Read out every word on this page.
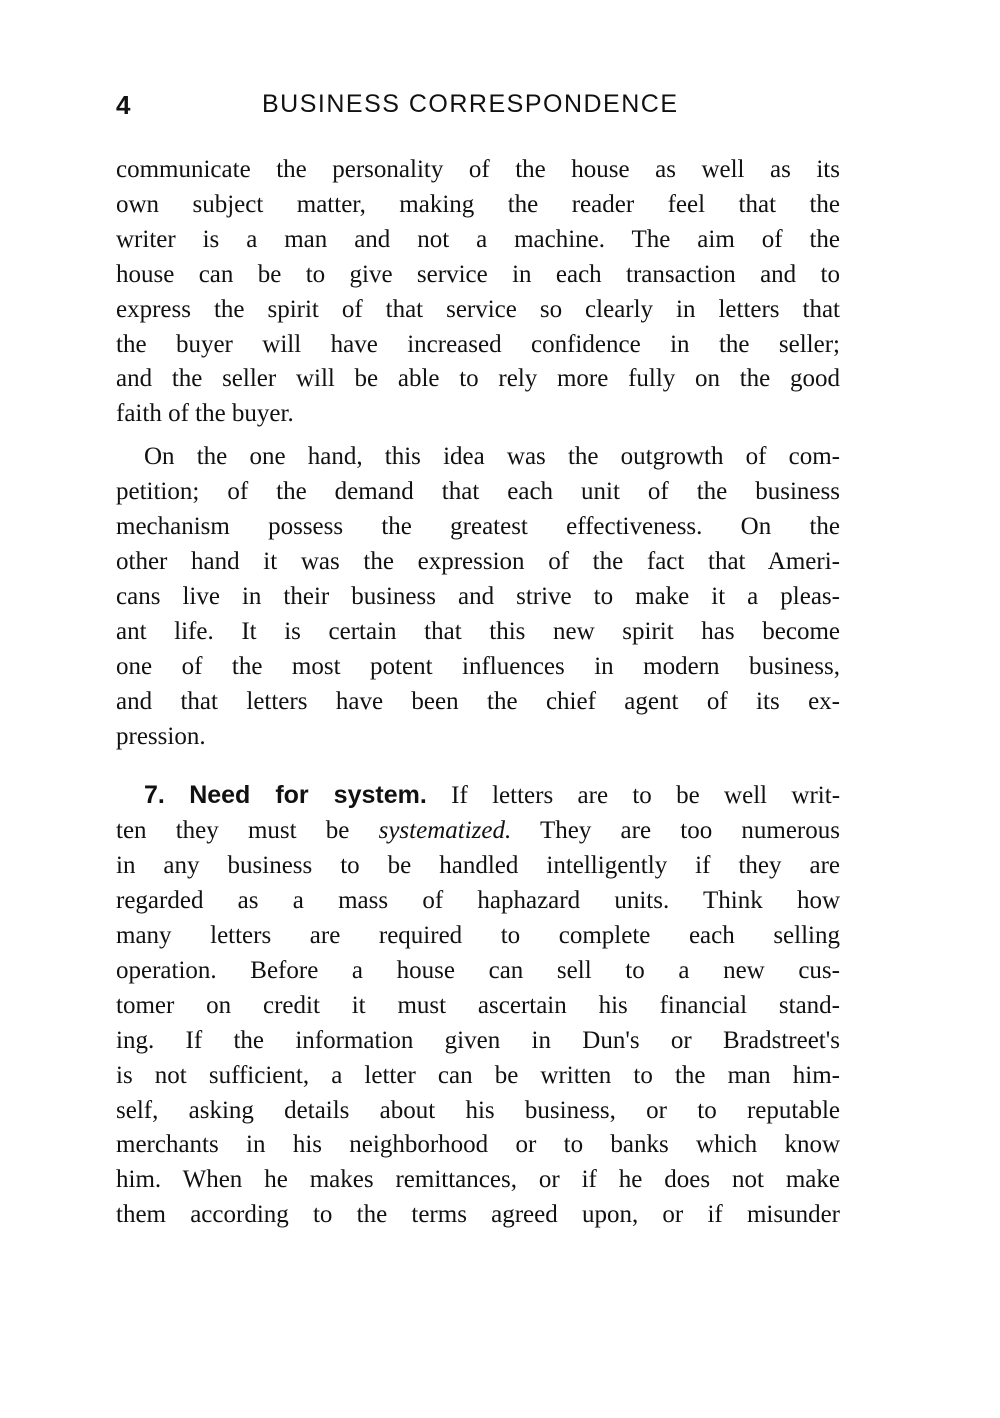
4	BUSINESS CORRESPONDENCE

communicate the personality of the house as well as its
own subject matter, making the reader feel that the
writer is a man and not a machine. The aim of the
house can be to give service in each transaction and to
express the spirit of that service so clearly in letters that
the buyer will have increased confidence in the seller;
and the seller will be able to rely more fully on the good
faith of the buyer.

On the one hand, this idea was the outgrowth of com-
petition; of the demand that each unit of the business
mechanism possess the greatest effectiveness. On the
other hand it was the expression of the fact that Ameri-
cans live in their business and strive to make it a pleas-
ant life. It is certain that this new spirit has become
one of the most potent influences in modern business,
and that letters have been the chief agent of its ex-
pression.

7. Need for system. If letters are to be well writ-
ten they must be systematized. They are too numerous
in any business to be handled intelligently if they are
regarded as a mass of haphazard units. Think how
many letters are required to complete each selling
operation. Before a house can sell to a new cus-
tomer on credit it must ascertain his financial stand-
ing. If the information given in Dun's or Bradstreet's
is not sufficient, a letter can be written to the man him-
self, asking details about his business, or to reputable
merchants in his neighborhood or to banks which know
him. When he makes remittances, or if he does not make
them according to the terms agreed upon, or if misunder
